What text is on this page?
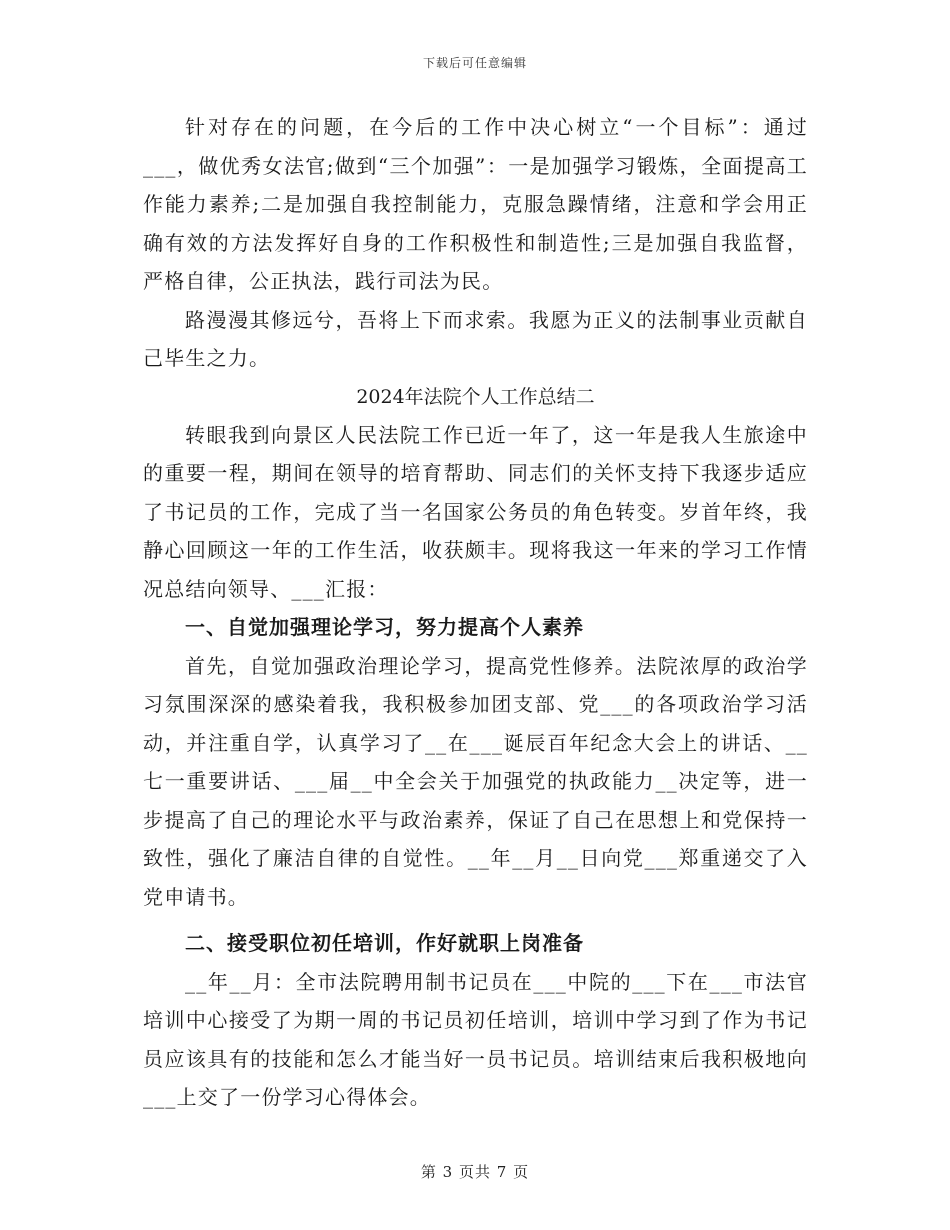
下载后可任意编辑

针对存在的问题，在今后的工作中决心树立“一个目标”：通过___，做优秀女法官;做到“三个加强”：一是加强学习锻炼，全面提高工作能力素养;二是加强自我控制能力，克服急躁情绪，注意和学会用正确有效的方法发挥好自身的工作积极性和制造性;三是加强自我监督，严格自律，公正执法，践行司法为民。

路漫漫其修远兮，吾将上下而求索。我愿为正义的法制事业贡献自己毕生之力。

2024年法院个人工作总结二

转眼我到向景区人民法院工作已近一年了，这一年是我人生旅途中的重要一程，期间在领导的培育帮助、同志们的关怀支持下我逐步适应了书记员的工作，完成了当一名国家公务员的角色转变。岁首年终，我静心回顾这一年的工作生活，收获颇丰。现将我这一年来的学习工作情况总结向领导、___汇报：

一、自觉加强理论学习，努力提高个人素养

首先，自觉加强政治理论学习，提高党性修养。法院浓厚的政治学习氛围深深的感染着我，我积极参加团支部、党___的各项政治学习活动，并注重自学，认真学习了__在___诞辰百年纪念大会上的讲话、__七一重要讲话、___届__中全会关于加强党的执政能力__决定等，进一步提高了自己的理论水平与政治素养，保证了自己在思想上和党保持一致性，强化了廉洁自律的自觉性。__年__月__日向党___郑重递交了入党申请书。

二、接受职位初任培训，作好就职上岗准备

__年__月：全市法院聘用制书记员在___中院的___下在___市法官培训中心接受了为期一周的书记员初任培训，培训中学习到了作为书记员应该具有的技能和怎么才能当好一员书记员。培训结束后我积极地向___上交了一份学习心得体会。

第 3 页共 7 页
